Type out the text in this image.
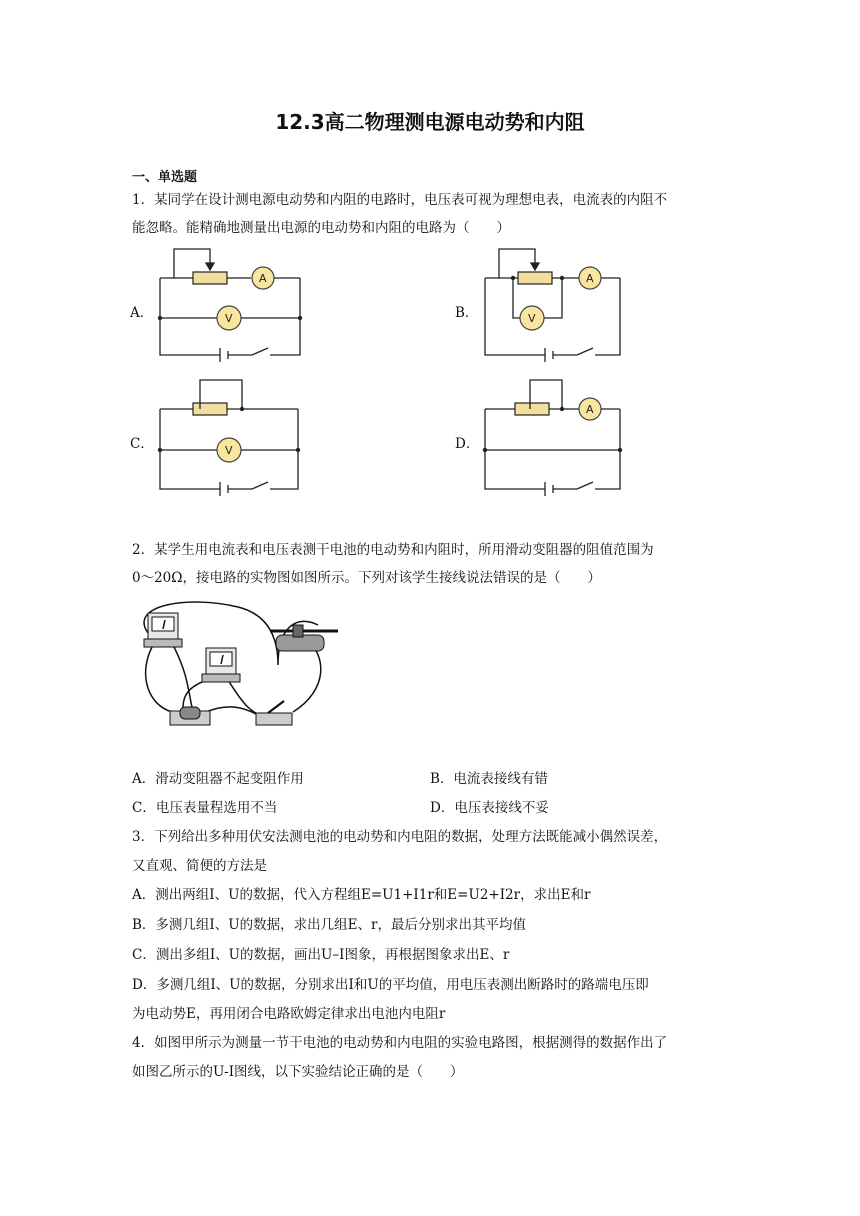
12.3高二物理测电源电动势和内阻
一、单选题
1．某同学在设计测电源电动势和内阻的电路时，电压表可视为理想电表，电流表的内阻不
能忽略。能精确地测量出电源的电动势和内阻的电路为（　　）
A．	B．
C．	D．
A
V
A
V
V
A
2．某学生用电流表和电压表测干电池的电动势和内阻时，所用滑动变阻器的阻值范围为
0～20Ω，接电路的实物图如图所示。下列对该学生接线说法错误的是（　　）
A．滑动变阻器不起变阻作用	B．电流表接线有错
C．电压表量程选用不当	D．电压表接线不妥
3．下列给出多种用伏安法测电池的电动势和内电阻的数据，处理方法既能减小偶然误差，
又直观、简便的方法是
A．测出两组I、U的数据，代入方程组E=U1+I1r和E=U2+I2r，求出E和r
B．多测几组I、U的数据，求出几组E、r，最后分别求出其平均值
C．测出多组I、U的数据，画出U–I图象，再根据图象求出E、r
D．多测几组I、U的数据，分别求出I和U的平均值，用电压表测出断路时的路端电压即
为电动势E，再用闭合电路欧姆定律求出电池内电阻r
4．如图甲所示为测量一节干电池的电动势和内电阻的实验电路图，根据测得的数据作出了
如图乙所示的U-I图线，以下实验结论正确的是（　　）
